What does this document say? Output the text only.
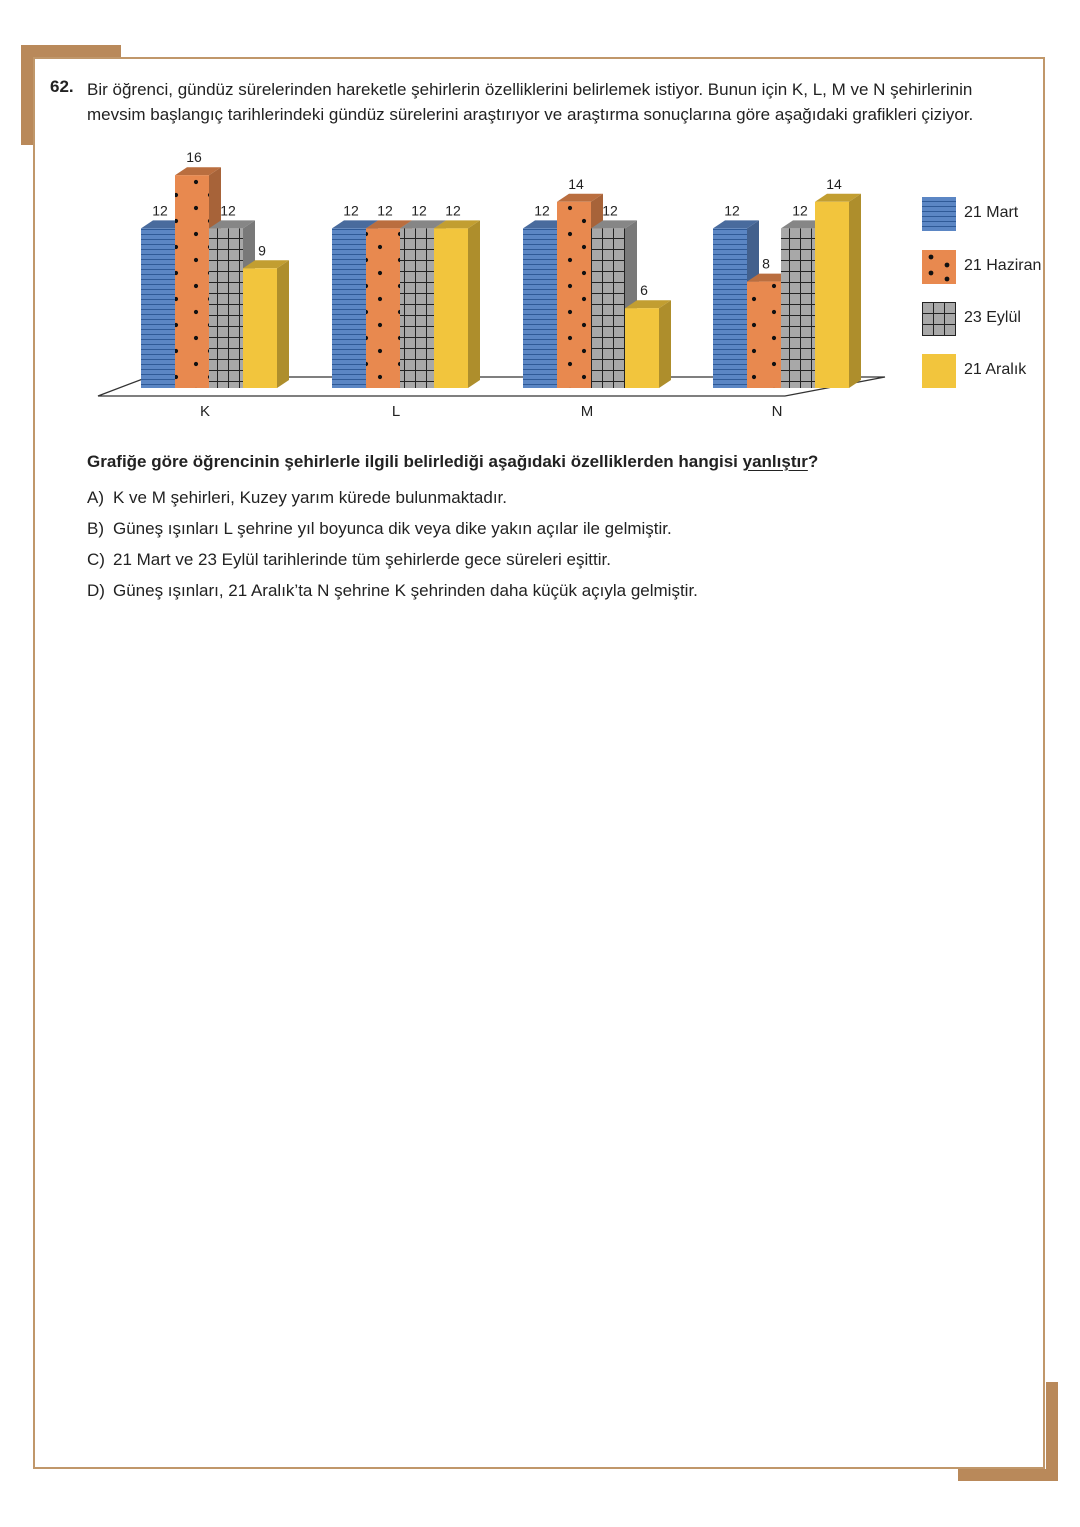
62. Bir öğrenci, gündüz sürelerinden hareketle şehirlerin özelliklerini belirlemek istiyor. Bunun için K, L, M ve N şehirlerinin

mevsim başlangıç tarihlerindeki gündüz sürelerini araştırıyor ve araştırma sonuçlarına göre aşağıdaki grafikleri çiziyor.

12
16
12
9
12 12 12 12	12
14
12
6
12
8
12
14
K	L	M	N
21 Mart
21 Haziran
23 Eylül
21 Aralık
Grafiğe göre öğrencinin şehirlerle ilgili belirlediği aşağıdaki özelliklerden hangisi yanlıştır?
A) K ve M şehirleri, Kuzey yarım kürede bulunmaktadır.
B) Güneş ışınları L şehrine yıl boyunca dik veya dike yakın açılar ile gelmiştir.
C) 21 Mart ve 23 Eylül tarihlerinde tüm şehirlerde gece süreleri eşittir.
D) Güneş ışınları, 21 Aralık’ta N şehrine K şehrinden daha küçük açıyla gelmiştir.
